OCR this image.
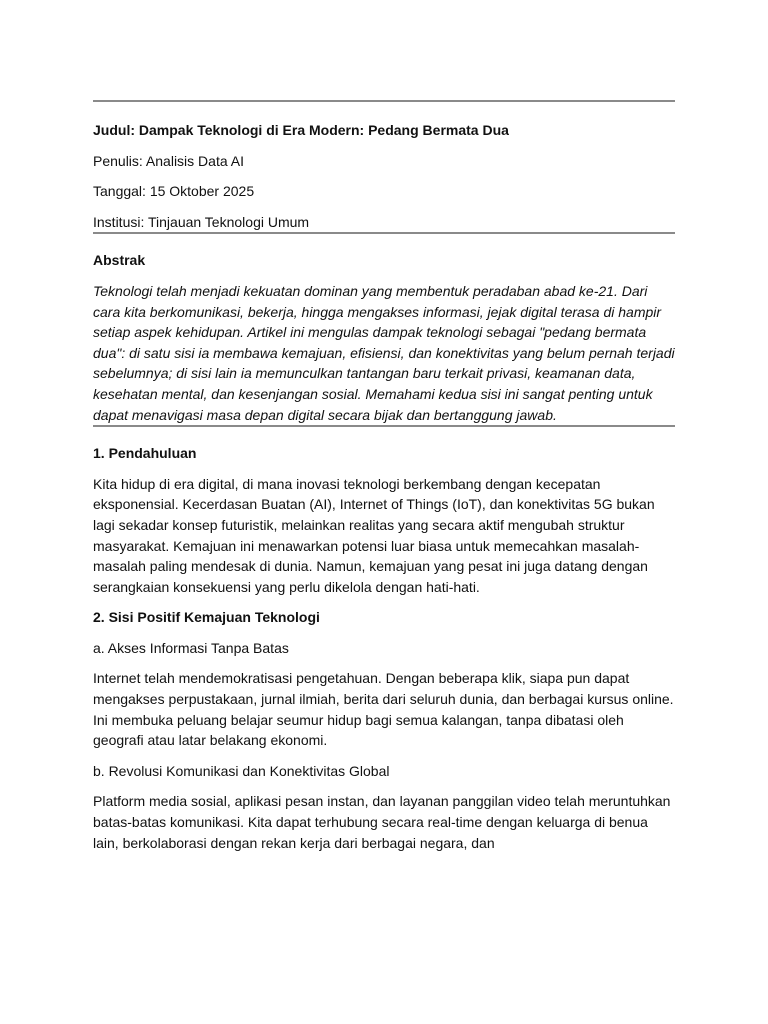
Judul: Dampak Teknologi di Era Modern: Pedang Bermata Dua

Penulis: Analisis Data AI

Tanggal: 15 Oktober 2025

Institusi: Tinjauan Teknologi Umum

Abstrak

Teknologi telah menjadi kekuatan dominan yang membentuk peradaban abad ke-21. Dari cara kita berkomunikasi, bekerja, hingga mengakses informasi, jejak digital terasa di hampir setiap aspek kehidupan. Artikel ini mengulas dampak teknologi sebagai "pedang bermata dua": di satu sisi ia membawa kemajuan, efisiensi, dan konektivitas yang belum pernah terjadi sebelumnya; di sisi lain ia memunculkan tantangan baru terkait privasi, keamanan data, kesehatan mental, dan kesenjangan sosial. Memahami kedua sisi ini sangat penting untuk dapat menavigasi masa depan digital secara bijak dan bertanggung jawab.

1. Pendahuluan

Kita hidup di era digital, di mana inovasi teknologi berkembang dengan kecepatan eksponensial. Kecerdasan Buatan (AI), Internet of Things (IoT), dan konektivitas 5G bukan lagi sekadar konsep futuristik, melainkan realitas yang secara aktif mengubah struktur masyarakat. Kemajuan ini menawarkan potensi luar biasa untuk memecahkan masalah-masalah paling mendesak di dunia. Namun, kemajuan yang pesat ini juga datang dengan serangkaian konsekuensi yang perlu dikelola dengan hati-hati.

2. Sisi Positif Kemajuan Teknologi

a. Akses Informasi Tanpa Batas

Internet telah mendemokratisasi pengetahuan. Dengan beberapa klik, siapa pun dapat mengakses perpustakaan, jurnal ilmiah, berita dari seluruh dunia, dan berbagai kursus online. Ini membuka peluang belajar seumur hidup bagi semua kalangan, tanpa dibatasi oleh geografi atau latar belakang ekonomi.

b. Revolusi Komunikasi dan Konektivitas Global

Platform media sosial, aplikasi pesan instan, dan layanan panggilan video telah meruntuhkan batas-batas komunikasi. Kita dapat terhubung secara real-time dengan keluarga di benua lain, berkolaborasi dengan rekan kerja dari berbagai negara, dan
